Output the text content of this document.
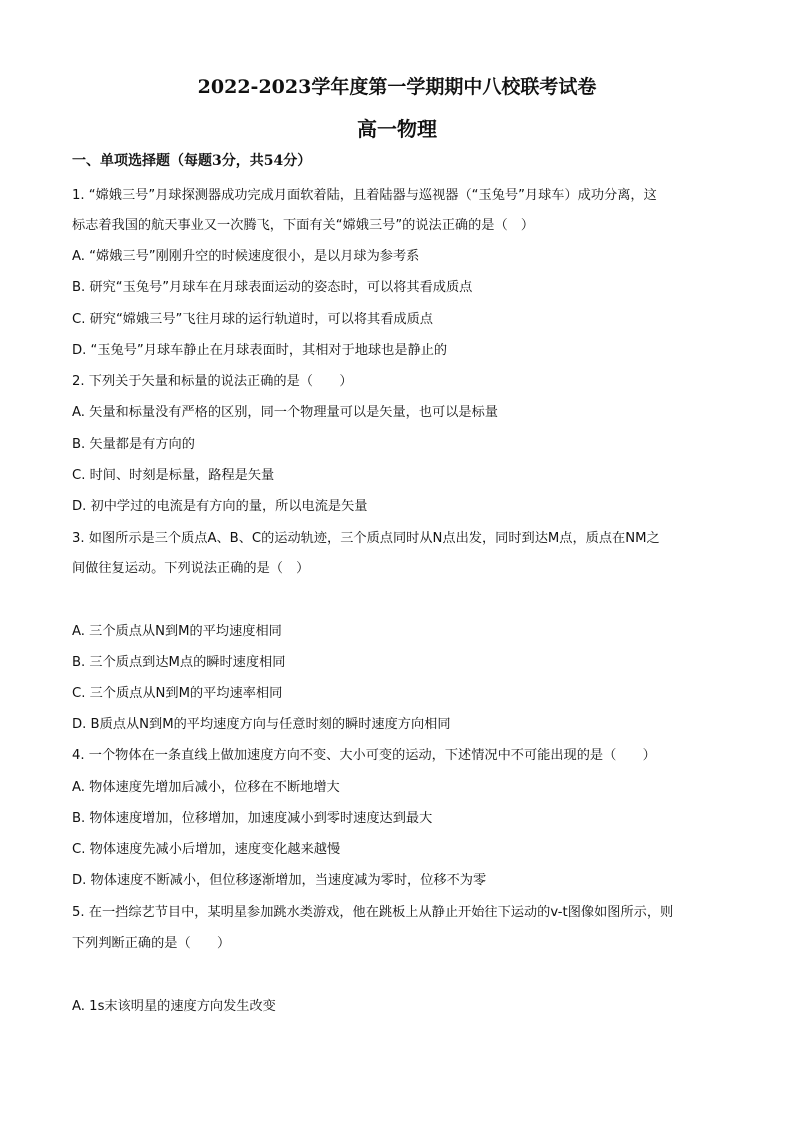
2022-2023学年度第一学期期中八校联考试卷
高一物理
一、单项选择题（每题3分，共54分）
1. “嫦娥三号”月球探测器成功完成月面软着陆，且着陆器与巡视器（“玉兔号”月球车）成功分离，这
标志着我国的航天事业又一次腾飞，下面有关“嫦娥三号”的说法正确的是（　）
A. “嫦娥三号”刚刚升空的时候速度很小，是以月球为参考系
B. 研究“玉兔号”月球车在月球表面运动的姿态时，可以将其看成质点
C. 研究“嫦娥三号”飞往月球的运行轨道时，可以将其看成质点
D. “玉兔号”月球车静止在月球表面时，其相对于地球也是静止的
2. 下列关于矢量和标量的说法正确的是（　　）
A. 矢量和标量没有严格的区别，同一个物理量可以是矢量，也可以是标量
B. 矢量都是有方向的
C. 时间、时刻是标量，路程是矢量
D. 初中学过的电流是有方向的量，所以电流是矢量
3. 如图所示是三个质点A、B、C的运动轨迹，三个质点同时从N点出发，同时到达M点，质点在NM之
间做往复运动。下列说法正确的是（　）
A. 三个质点从N到M的平均速度相同
B. 三个质点到达M点的瞬时速度相同
C. 三个质点从N到M的平均速率相同
D. B质点从N到M的平均速度方向与任意时刻的瞬时速度方向相同
4. 一个物体在一条直线上做加速度方向不变、大小可变的运动，下述情况中不可能出现的是（　　）
A. 物体速度先增加后减小，位移在不断地增大
B. 物体速度增加，位移增加，加速度减小到零时速度达到最大
C. 物体速度先减小后增加，速度变化越来越慢
D. 物体速度不断减小，但位移逐渐增加，当速度减为零时，位移不为零
5. 在一挡综艺节目中，某明星参加跳水类游戏，他在跳板上从静止开始往下运动的v-t图像如图所示，则
下列判断正确的是（　　）
A. 1s末该明星的速度方向发生改变
